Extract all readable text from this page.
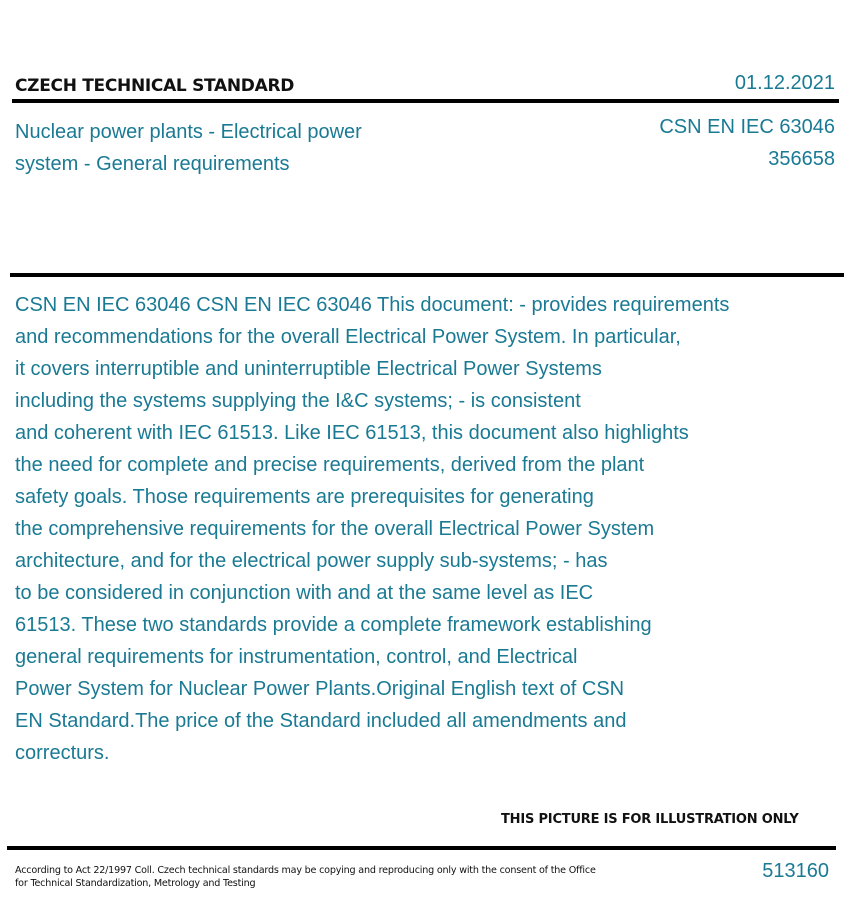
CZECH TECHNICAL STANDARD	01.12.2021
Nuclear power plants - Electrical power
system - General requirements
CSN EN IEC 63046
356658
CSN EN IEC 63046 CSN EN IEC 63046 This document: - provides requirements
and recommendations for the overall Electrical Power System. In particular,
it covers interruptible and uninterruptible Electrical Power Systems
including the systems supplying the I&C systems; - is consistent
and coherent with IEC 61513. Like IEC 61513, this document also highlights
the need for complete and precise requirements, derived from the plant
safety goals. Those requirements are prerequisites for generating
the comprehensive requirements for the overall Electrical Power System
architecture, and for the electrical power supply sub-systems; - has
to be considered in conjunction with and at the same level as IEC
61513. These two standards provide a complete framework establishing
general requirements for instrumentation, control, and Electrical
Power System for Nuclear Power Plants.Original English text of CSN
EN Standard.The price of the Standard included all amendments and
correcturs.
THIS PICTURE IS FOR ILLUSTRATION ONLY
According to Act 22/1997 Coll. Czech technical standards may be copying and reproducing only with the consent of the Office
for Technical Standardization, Metrology and Testing
513160
